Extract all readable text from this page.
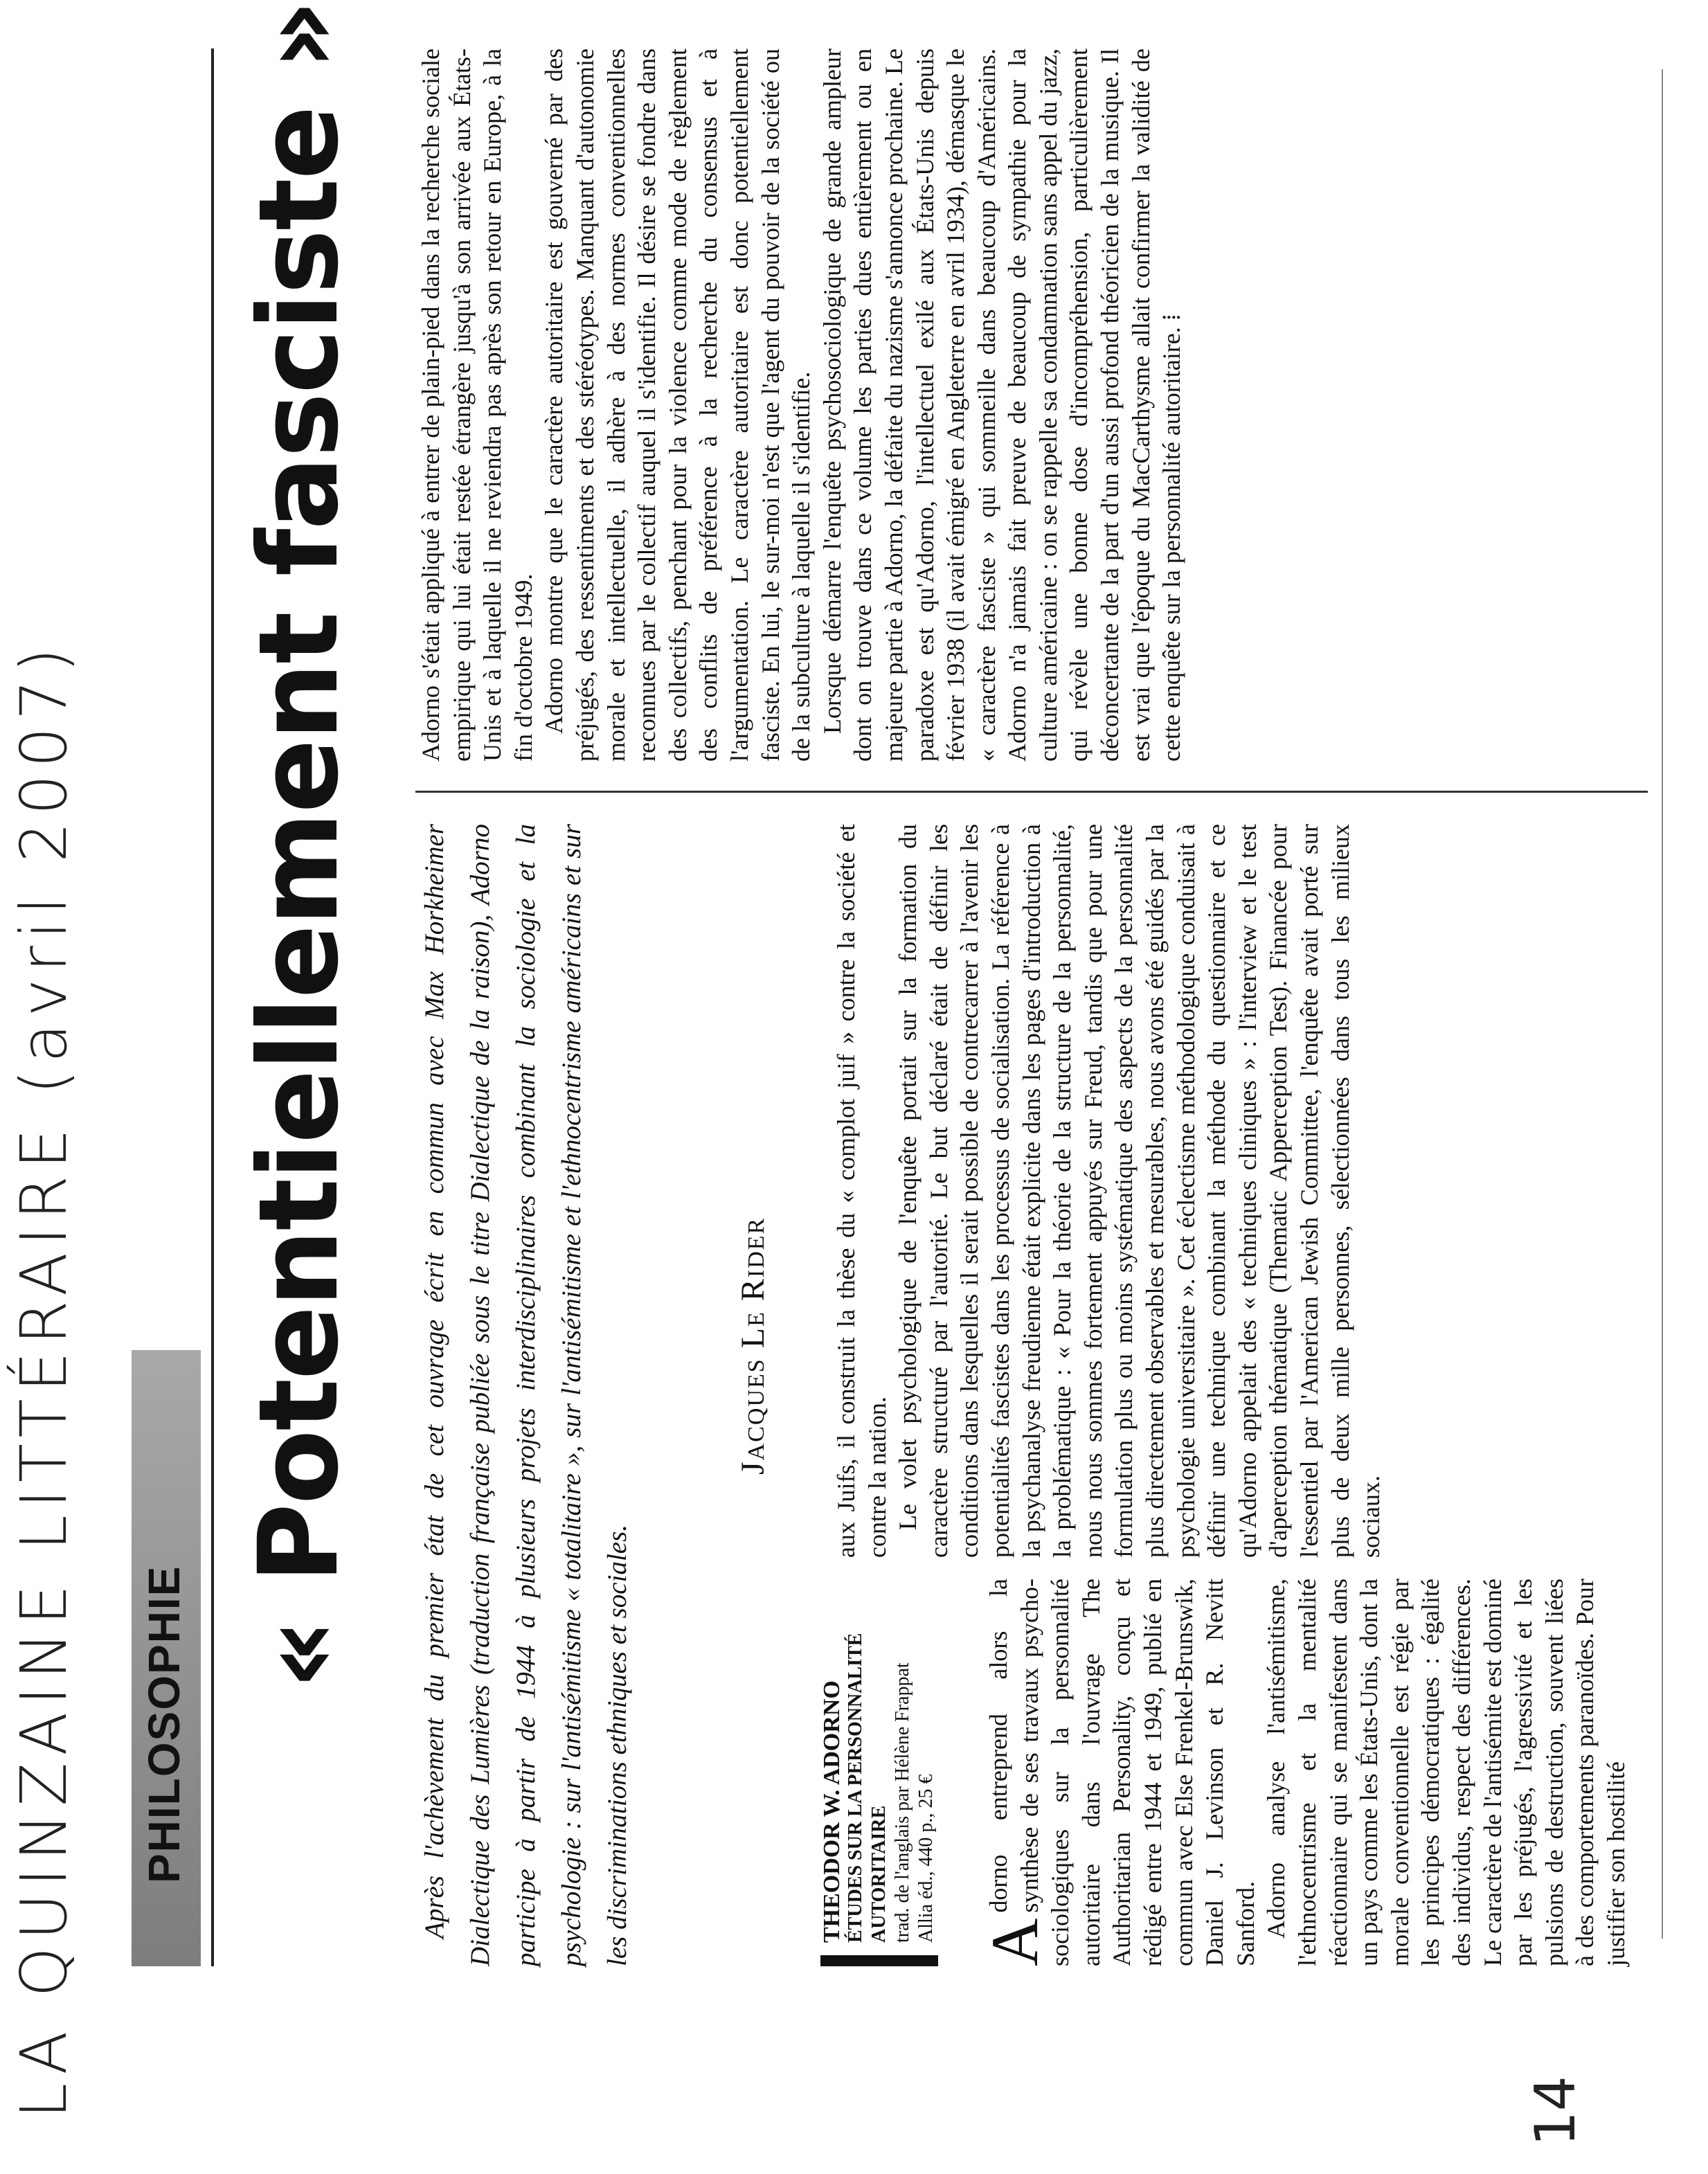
LA QUINZAINE LITTÉRAIRE (avril 2007) PHILOSOPHIE
« Potentiellement fasciste » Après l'achèvement du premier état de cet ouvrage écrit en commun avec Max Horkheimer Dialectique des Lumières (traduction française publiée sous le titre Dialectique de la raison), Adorno participe à partir de 1944 à plusieurs projets interdisciplinaires combinant la sociologie et la psychologie : sur l'antisémitisme « totalitaire », sur l'antisémitisme et l'ethnocentrisme américains et sur les discriminations ethniques et sociales.
Jacques Le Rider
THEODOR W. ADORNO ÉTUDES SUR LA PERSONNALITÉ AUTORITAIRE trad. de l'anglais par Hélène Frappat Allia éd., 440 p., 25 € A
dorno entreprend alors la synthèse de ses travaux psycho-sociologiques sur la personnalité autoritaire dans l'ouvrage The Authoritarian Personality, conçu et rédigé entre 1944 et 1949, publié en commun avec Else Frenkel-Brunswik, Daniel J. Levinson et R. Nevitt Sanford. Adorno analyse l'antisémitisme, l'ethnocentrisme et la mentalité réactionnaire qui se manifestent dans un pays comme les États-Unis, dont la morale conventionnelle est régie par les principes démocratiques : égalité des individus, respect des différences. Le caractère de l'antisémite est dominé par les préjugés, l'agressivité et les pulsions de destruction, souvent liées à des comportements paranoïdes. Pour justifier son hostilité

aux Juifs, il construit la thèse du « complot juif » contre la société et contre la nation. Le volet psychologique de l'enquête portait sur la formation du caractère structuré par l'autorité. Le but déclaré était de définir les conditions dans lesquelles il serait possible de contrecarrer à l'avenir les potentialités fascistes dans les processus de socialisation. La référence à la psychanalyse freudienne était explicite dans les pages d'introduction à la problématique : « Pour la théorie de la structure de la personnalité, nous nous sommes fortement appuyés sur Freud, tandis que pour une formulation plus ou moins systématique des aspects de la personnalité plus directement observables et mesurables, nous avons été guidés par la psychologie universitaire ». Cet éclectisme méthodologique conduisait à définir une technique combinant la méthode du questionnaire et ce qu'Adorno appelait des « techniques cliniques » : l'interview et le test d'aperception thématique (Thematic Apperception Test). Financée pour l'essentiel par l'American Jewish Committee, l'enquête avait porté sur plus de deux mille personnes, sélectionnées dans tous les milieux sociaux.

Adorno s'était appliqué à entrer de plain-pied dans la recherche sociale empirique qui lui était restée étrangère jusqu'à son arrivée aux États-Unis et à laquelle il ne reviendra pas après son retour en Europe, à la fin d'octobre 1949. Adorno montre que le caractère autoritaire est gouverné par des préjugés, des ressentiments et des stéréotypes. Manquant d'autonomie morale et intellectuelle, il adhère à des normes conventionnelles reconnues par le collectif auquel il s'identifie. Il désire se fondre dans des collectifs, penchant pour la violence comme mode de règlement des conflits de préférence à la recherche du consensus et à l'argumentation. Le caractère autoritaire est donc potentiellement fasciste. En lui, le sur-moi n'est que l'agent du pouvoir de la société ou de la subculture à laquelle il s'identifie. Lorsque démarre l'enquête psychosociologique de grande ampleur dont on trouve dans ce volume les parties dues entièrement ou en majeure partie à Adorno, la défaite du nazisme s'annonce prochaine. Le paradoxe est qu'Adorno, l'intellectuel exilé aux États-Unis depuis février 1938 (il avait émigré en Angleterre en avril 1934), démasque le « caractère fasciste » qui sommeille dans beaucoup d'Américains. Adorno n'a jamais fait preuve de beaucoup de sympathie pour la culture américaine : on se rappelle sa condamnation sans appel du jazz, qui révèle une bonne dose d'incompréhension, particulièrement déconcertante de la part d'un aussi profond théoricien de la musique. Il est vrai que l'époque du MacCarthysme allait confirmer la validité de cette enquête sur la personnalité autoritaire. ⁞

14
